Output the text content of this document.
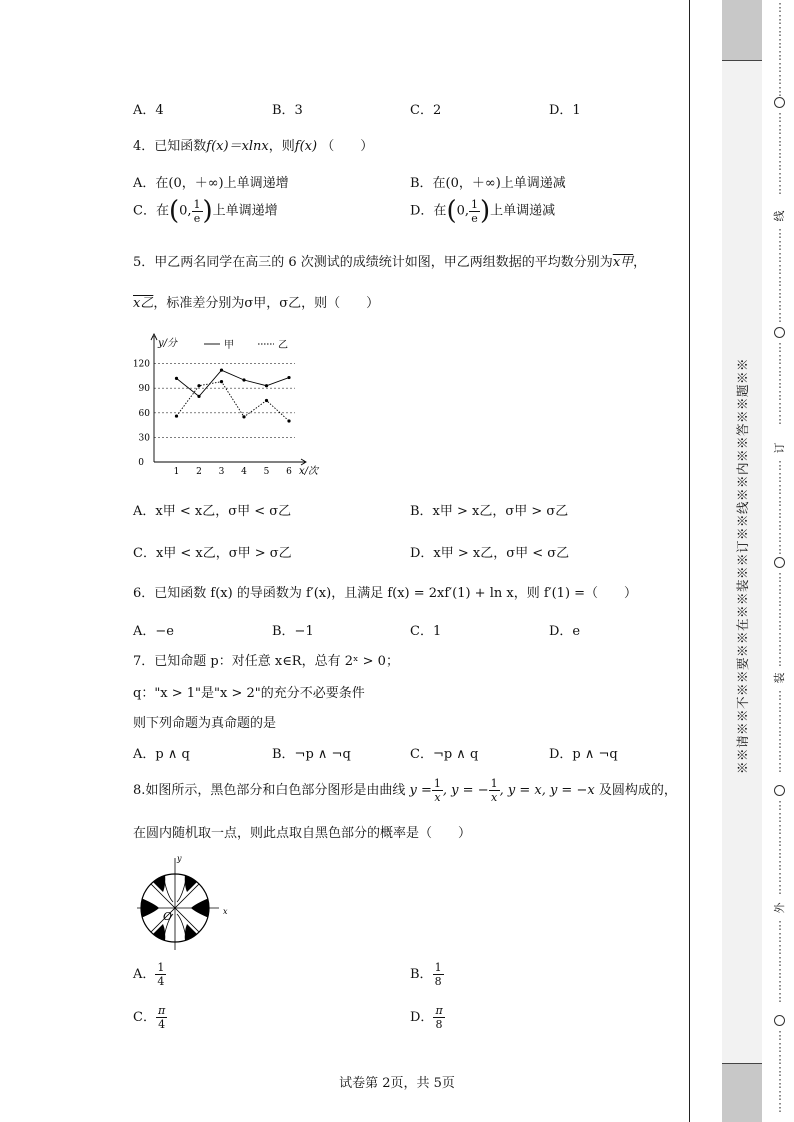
A．4	B．3	C．2	D．1
4．已知函数f(x)＝xlnx，则f(x) （　　）
A．在(0，＋∞)上单调递增	B．在(0，＋∞)上单调递减
C．在(0, $\frac{1}{e}$ )上单调递增	D．在(0, $\frac{1}{e}$ )上单调递减
5．甲乙两名同学在高三的 6 次测试的成绩统计如图，甲乙两组数据的平均数分别为x甲，
x乙，标准差分别为σ甲，σ乙，则（　　）
0
30
60
90
120
1 2 3 4 5 6
y/分
x/次
甲	乙
A．x甲 < x乙，σ甲 < σ乙	B．x甲 > x乙，σ甲 > σ乙
C．x甲 < x乙，σ甲 > σ乙	D．x甲 > x乙，σ甲 < σ乙
6．已知函数 f(x) 的导函数为 f′(x)，且满足 f(x) = 2xf′(1) + ln x，则 f′(1) =（　　）
A．−e	B．−1	C．1	D．e
7．已知命题 p：对任意 x∈R，总有 2ˣ > 0；
q："x > 1"是"x > 2"的充分不必要条件
则下列命题为真命题的是
A．p ∧ q	B．¬p ∧ ¬q	C．¬p ∧ q	D．p ∧ ¬q
8.如图所示，黑色部分和白色部分图形是由曲线 $y = \frac{1}{x}$ , y = − $\frac{1}{x}$ , y = x, y = −x 及圆构成的，
在圆内随机取一点，则此点取自黑色部分的概率是（　　）
y
O	x
A． $\frac{1}{4}$	B． $\frac{1}{8}$
C． $\frac{\pi}{4}$	D． $\frac{\pi}{8}$
试卷第 2页，共 5页
※※请※※不※※要※※在※※装※※订※※线※※内※※答※※题※※
⋮
⋮
⋮
⋮
⋮
⋮
⋮
⋮
⋮
⋮
⋮
⋮
⋮
⋮
⋮
线
⋮
⋮
⋮
⋮
⋮
⋮
⋮
⋮
⋮
⋮
⋮
⋮
⋮
⋮
⋮
订
⋮
⋮
⋮
⋮
⋮
⋮
⋮
⋮
⋮
⋮
⋮
⋮
⋮
⋮
⋮
⋮
装
⋮
⋮
⋮
⋮
⋮
⋮
⋮
⋮
⋮
⋮
⋮
⋮
⋮
⋮
⋮
外
⋮
⋮
⋮
⋮
⋮
⋮
⋮
⋮
⋮
⋮
⋮
⋮
⋮
⋮
